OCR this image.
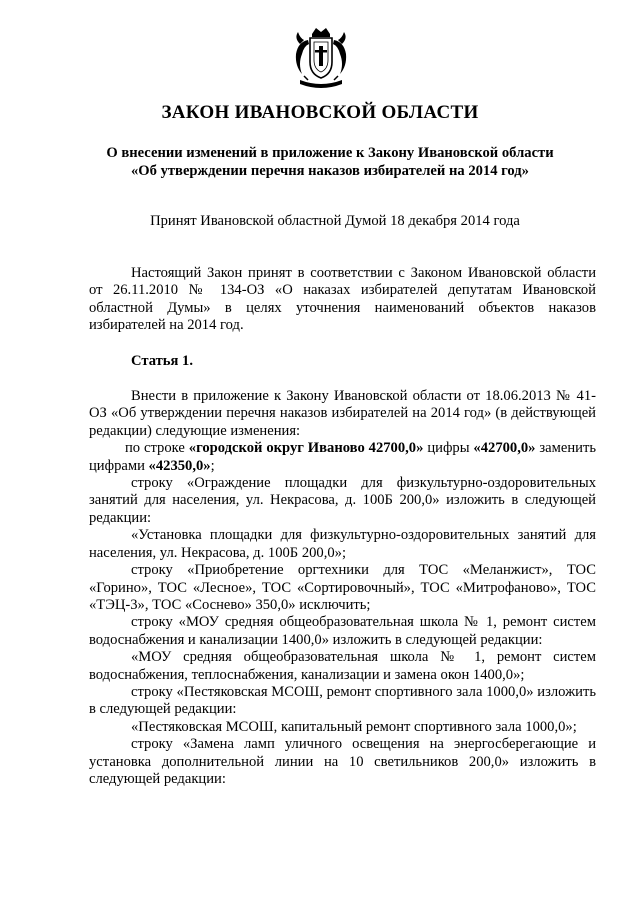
ЗАКОН ИВАНОВСКОЙ ОБЛАСТИ
О внесении изменений в приложение к Закону Ивановской области
«Об утверждении перечня наказов избирателей на 2014 год»

Принят Ивановской областной Думой 18 декабря 2014 года

Настоящий Закон принят в соответствии с Законом Ивановской области от 26.11.2010 № 134-ОЗ «О наказах избирателей депутатам Ивановской областной Думы» в целях уточнения наименований объектов наказов избирателей на 2014 год.

Статья 1.

Внести в приложение к Закону Ивановской области от 18.06.2013 № 41-ОЗ «Об утверждении перечня наказов избирателей на 2014 год» (в действующей редакции) следующие изменения:

по строке «городской округ Иваново 42700,0» цифры «42700,0» заменить цифрами «42350,0»;

строку «Ограждение площадки для физкультурно-оздоровительных занятий для населения, ул. Некрасова, д. 100Б 200,0» изложить в следующей редакции:

«Установка площадки для физкультурно-оздоровительных занятий для населения, ул. Некрасова, д. 100Б 200,0»;

строку «Приобретение оргтехники для ТОС «Меланжист», ТОС «Горино», ТОС «Лесное», ТОС «Сортировочный», ТОС «Митрофаново», ТОС «ТЭЦ-3», ТОС «Соснево» 350,0» исключить;

строку «МОУ средняя общеобразовательная школа № 1, ремонт систем водоснабжения и канализации 1400,0» изложить в следующей редакции:

«МОУ средняя общеобразовательная школа № 1, ремонт систем водоснабжения, теплоснабжения, канализации и замена окон 1400,0»;

строку «Пестяковская МСОШ, ремонт спортивного зала 1000,0» изложить в следующей редакции:

«Пестяковская МСОШ, капитальный ремонт спортивного зала 1000,0»;

строку «Замена ламп уличного освещения на энергосберегающие и установка дополнительной линии на 10 светильников 200,0» изложить в следующей редакции:
